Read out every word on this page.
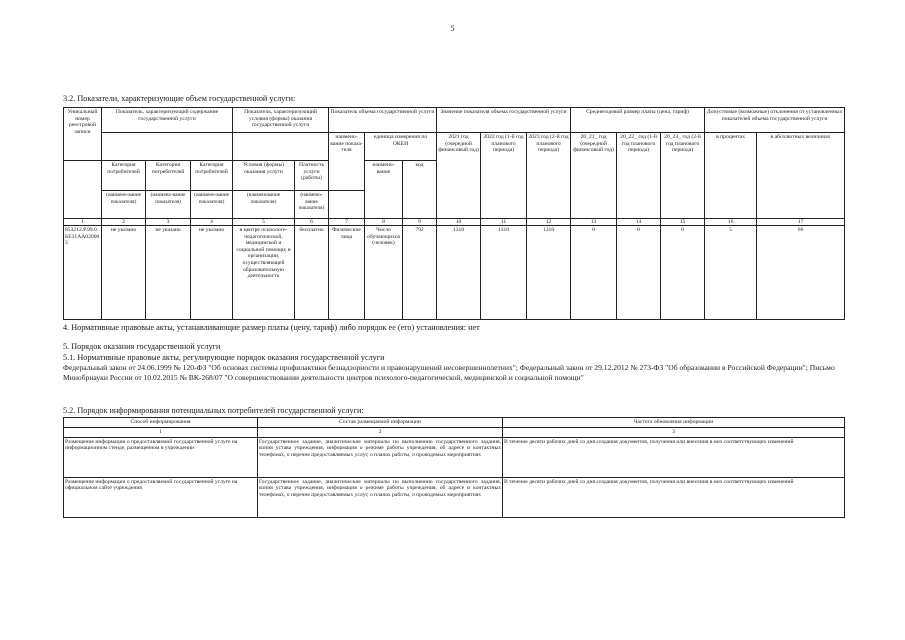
5
3.2. Показатели, характеризующие объем государственной услуги:
Уникальный номер реестровой записи	Показатель, характеризующий содержание государственной услуги			Показатель, характеризующий условия (формы) оказания государственной услуги		Показатель объема государственной услуги			Значение показателя объема государственной услуги			Среднегодовой размер платы (цена, тариф)			Допустимые (возможные) отклонения от установленных показателей объема государственной услуги	
						наимено-вание показа-теля	единица измерения по ОКЕИ		2021 год (очередной финансовый год)	2022 год (1-й год планового периода)	2023 год (2-й год планового периода)	20_21_ год (очередной финансовый год)	20_22_ год (1-й год планового периода)	20_23_ год (2-й год планового периода)	в процентах	в абсолютных величинах

	Категория потребителей	Категория потребителей	Категория потребителей	Условия (формы) оказания услуги	Платность услуги (работы)		наимено-вание	код								
	(наимено-вание показателя)	(наимено-вание показателя)	(наимено-вание показателя)	(наименование показателя)	(наимено-вание показателя)											
1	2	3	4	5	6	7	8	9	10	11	12	13	14	15	16	17
853212.Р.99.0 БЕ31АА02000 3	не указано	не указано	не указано	в центре психолого-педагогической, медицинской и социальной помощи; в организации, осуществляющей образовательную деятельность	бесплатно	Физические лица	Число обучающихся (человек)	792	1310	1310	1310	0	0	0	5	66
4. Нормативные правовые акты, устанавливающие размер платы (цену, тариф) либо порядок ее (его) установления: нет
5. Порядок оказания государственной услуги
5.1. Нормативные правовые акты, регулирующие порядок оказания государственной услуги
Федеральный закон от 24.06.1999 № 120-ФЗ "Об основах системы профилактики безнадзорности и правонарушений несовершеннолетних"; Федеральный закон от 29.12.2012 № 273-ФЗ "Об образовании в Российской Федерации"; Письмо Минобрнауки России от 10.02.2015 № ВК-268/07 "О совершенствовании деятельности центров психолого-педагогической, медицинской и социальной помощи"
5.2. Порядок информирования потенциальных потребителей государственной услуги:
Способ информирования	Состав размещаемой информации	Частота обновления информации
1	2	3
Размещение информации о предоставляемой государственной услуге на информационном стенде, размещенном в учреждении	Государственное задание, аналитические материалы по выполнению государственного задания, копия устава учреждения, информация о режиме работы учреждения, об адресе и контактных телефонах, о перечне предоставляемых услуг, о планах работы, о проводимых мероприятиях	В течение десяти рабочих дней со дня создания документов, получения или внесения в них соответствующих изменений
Размещение информации о предоставляемой государственной услуге на официальном сайте учреждения	Государственное задание, аналитические материалы по выполнению государственного задания, копия устава учреждения, информация о режиме работы учреждения, об адресе и контактных телефонах, о перечне предоставляемых услуг, о планах работы, о проводимых мероприятиях	В течение десяти рабочих дней со дня создания документов, получения или внесения в них соответствующих изменений
